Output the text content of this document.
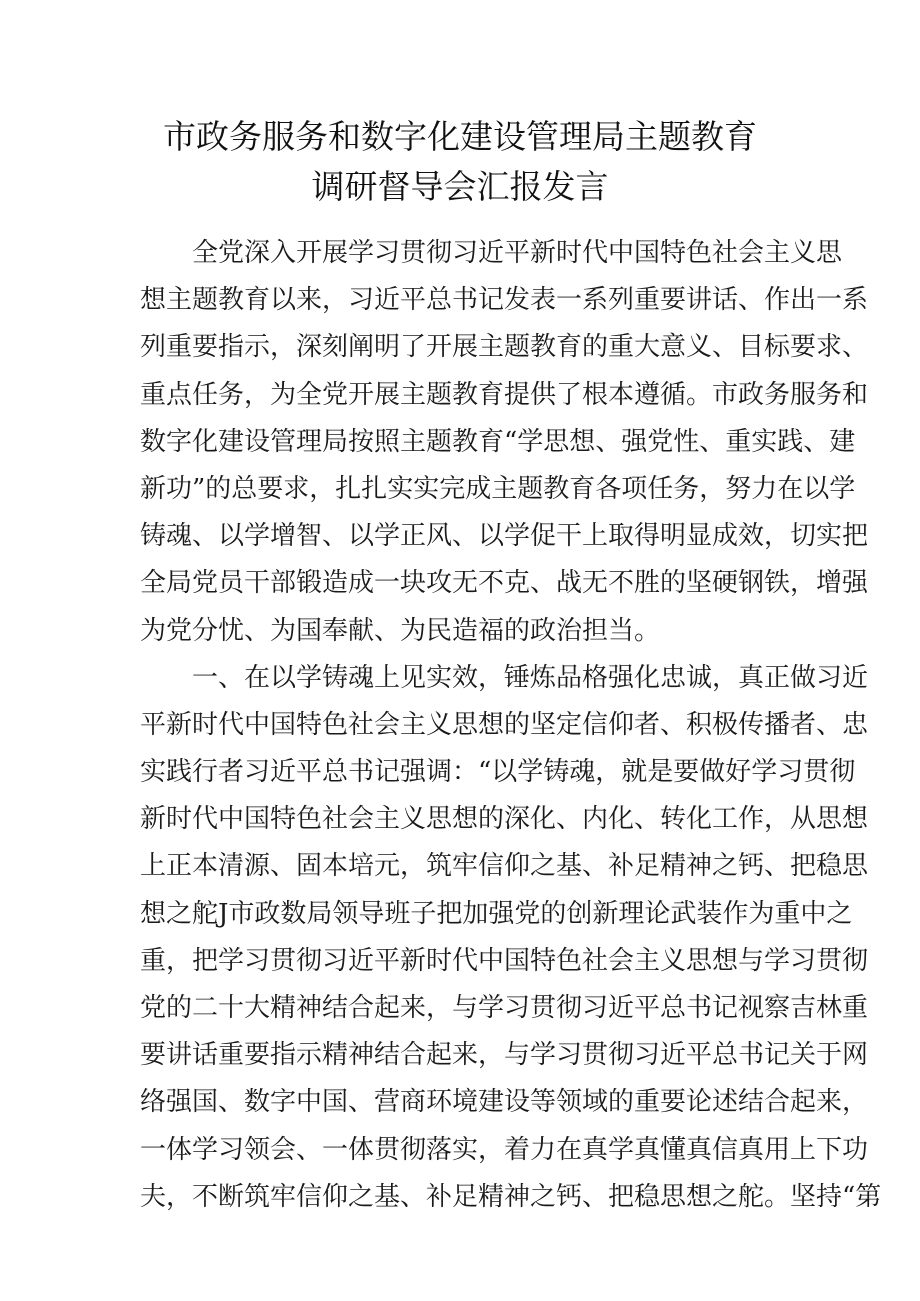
市政务服务和数字化建设管理局主题教育
调研督导会汇报发言
全党深入开展学习贯彻习近平新时代中国特色社会主义思
想主题教育以来，习近平总书记发表一系列重要讲话、作出一系
列重要指示，深刻阐明了开展主题教育的重大意义、目标要求、
重点任务，为全党开展主题教育提供了根本遵循。市政务服务和
数字化建设管理局按照主题教育“学思想、强党性、重实践、建
新功”的总要求，扎扎实实完成主题教育各项任务，努力在以学
铸魂、以学增智、以学正风、以学促干上取得明显成效，切实把
全局党员干部锻造成一块攻无不克、战无不胜的坚硬钢铁，增强
为党分忧、为国奉献、为民造福的政治担当。
一、在以学铸魂上见实效，锤炼品格强化忠诚，真正做习近
平新时代中国特色社会主义思想的坚定信仰者、积极传播者、忠
实践行者习近平总书记强调：“以学铸魂，就是要做好学习贯彻
新时代中国特色社会主义思想的深化、内化、转化工作，从思想
上正本清源、固本培元，筑牢信仰之基、补足精神之钙、把稳思
想之舵J市政数局领导班子把加强党的创新理论武装作为重中之
重，把学习贯彻习近平新时代中国特色社会主义思想与学习贯彻
党的二十大精神结合起来，与学习贯彻习近平总书记视察吉林重
要讲话重要指示精神结合起来，与学习贯彻习近平总书记关于网
络强国、数字中国、营商环境建设等领域的重要论述结合起来，
一体学习领会、一体贯彻落实，着力在真学真懂真信真用上下功
夫，不断筑牢信仰之基、补足精神之钙、把稳思想之舵。坚持“第
